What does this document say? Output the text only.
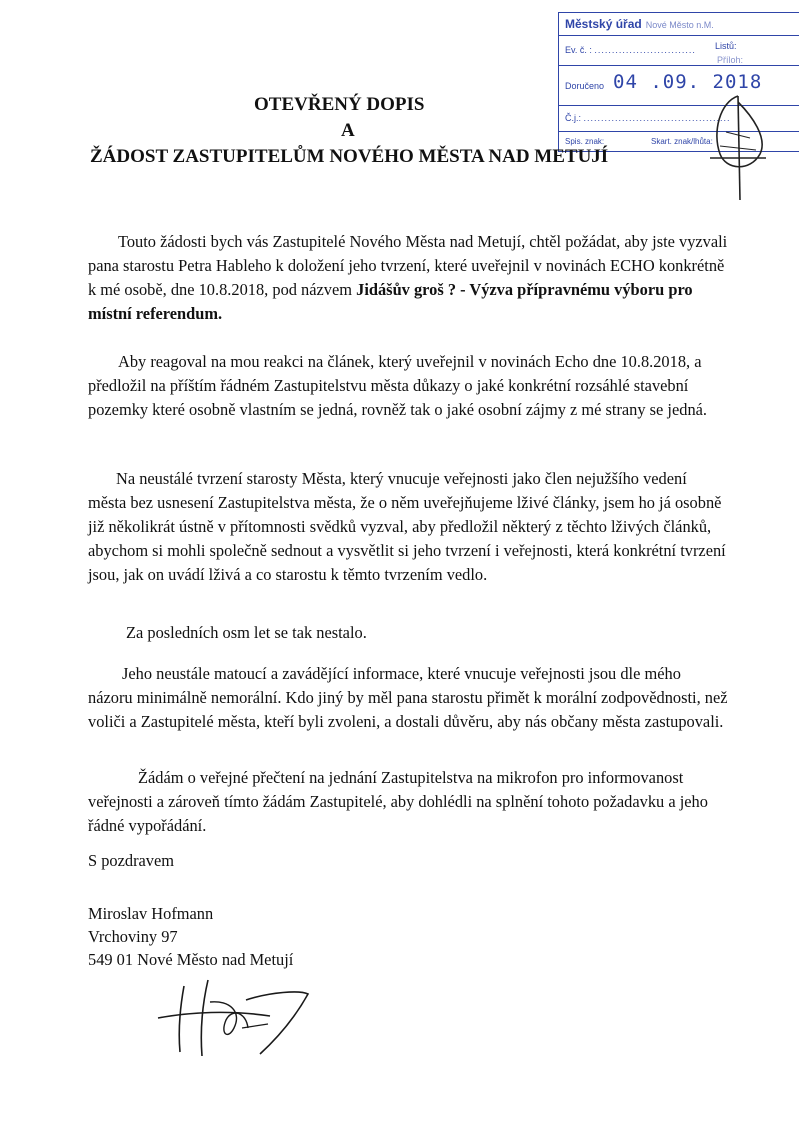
Městský úřad Nové Město n.M.
Ev. č. : .............................	Listů:
Příloh:
Doručeno 04 .09. 2018
Č.j.: ..........................................
Spis. znak:	Skart. znak/lhůta:
OTEVŘENÝ DOPIS
A
ŽÁDOST ZASTUPITELŮM NOVÉHO MĚSTA NAD METUJÍ

Touto žádosti bych vás Zastupitelé Nového Města nad Metují, chtěl požádat, aby jste vyzvali pana starostu Petra Hableho k doložení jeho tvrzení, které uveřejnil v novinách ECHO konkrétně k mé osobě, dne 10.8.2018, pod názvem Jidášův groš ? - Výzva přípravnému výboru pro místní referendum.

Aby reagoval na mou reakci na článek, který uveřejnil v novinách Echo dne 10.8.2018, a předložil na příštím řádném Zastupitelstvu města důkazy o jaké konkrétní rozsáhlé stavební pozemky které osobně vlastním se jedná, rovněž tak o jaké osobní zájmy z mé strany se jedná.

Na neustálé tvrzení starosty Města, který vnucuje veřejnosti jako člen nejužšího vedení města bez usnesení Zastupitelstva města, že o něm uveřejňujeme lživé články, jsem ho já osobně již několikrát ústně v přítomnosti svědků vyzval, aby předložil některý z těchto lživých článků, abychom si mohli společně sednout a vysvětlit si jeho tvrzení i veřejnosti, která konkrétní tvrzení jsou, jak on uvádí lživá a co starostu k těmto tvrzením vedlo.

Za posledních osm let se tak nestalo.

Jeho neustále matoucí a zavádějící informace, které vnucuje veřejnosti jsou dle mého názoru minimálně nemorální. Kdo jiný by měl pana starostu přimět k morální zodpovědnosti, než voliči a Zastupitelé města, kteří byli zvoleni, a dostali důvěru, aby nás občany města zastupovali.

Žádám o veřejné přečtení na jednání Zastupitelstva na mikrofon pro informovanost veřejnosti a zároveň tímto žádám Zastupitelé, aby dohlédli na splnění tohoto požadavku a jeho řádné vypořádání.

S pozdravem
Miroslav Hofmann
Vrchoviny 97
549 01 Nové Město nad Metují
